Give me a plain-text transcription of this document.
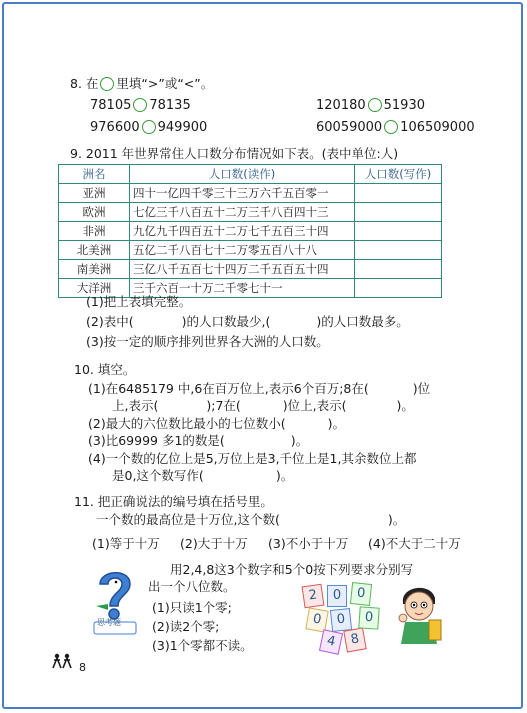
8. 在 里填“>”或“<”。
78105 78135	120180 51930
976600 949900	60059000 106509000
9. 2011 年世界常住人口数分布情况如下表。(表中单位:人)
洲名	人口数(读作)	人口数(写作)
亚洲	四十一亿四千零三十三万六千五百零一	
欧洲	七亿三千八百五十二万三千八百四十三	
非洲	九亿九千四百五十二万七千五百三十四	
北美洲	五亿二千八百七十二万零五百八十八	
南美洲	三亿八千五百七十四万二千五百五十四	
大洋洲	三千六百一十万二千零七十一	
(1)把上表填完整。
(2)表中(	)的人口数最少,(	)的人口数最多。
(3)按一定的顺序排列世界各大洲的人口数。
10. 填空。
(1)在6485179 中,6在百万位上,表示6个百万;8在(	)位
上,表示(	);7在(	)位上,表示(	)。
(2)最大的六位数比最小的七位数小(	)。
(3)比69999 多1的数是(	)。
(4)一个数的亿位上是5,万位上是3,千位上是1,其余数位上都
是0,这个数写作(	)。
11. 把正确说法的编号填在括号里。
一个数的最高位是十万位,这个数(	)。
(1)等于十万 (2)大于十万 (3)不小于十万 (4)不大于二十万
思考题
用2,4,8这3个数字和5个0按下列要求分别写
出一个八位数。
(1)只读1个零;
(2)读2个零;
(3)1个零都不读。
2	0	0
0	0
4 8
0
8
